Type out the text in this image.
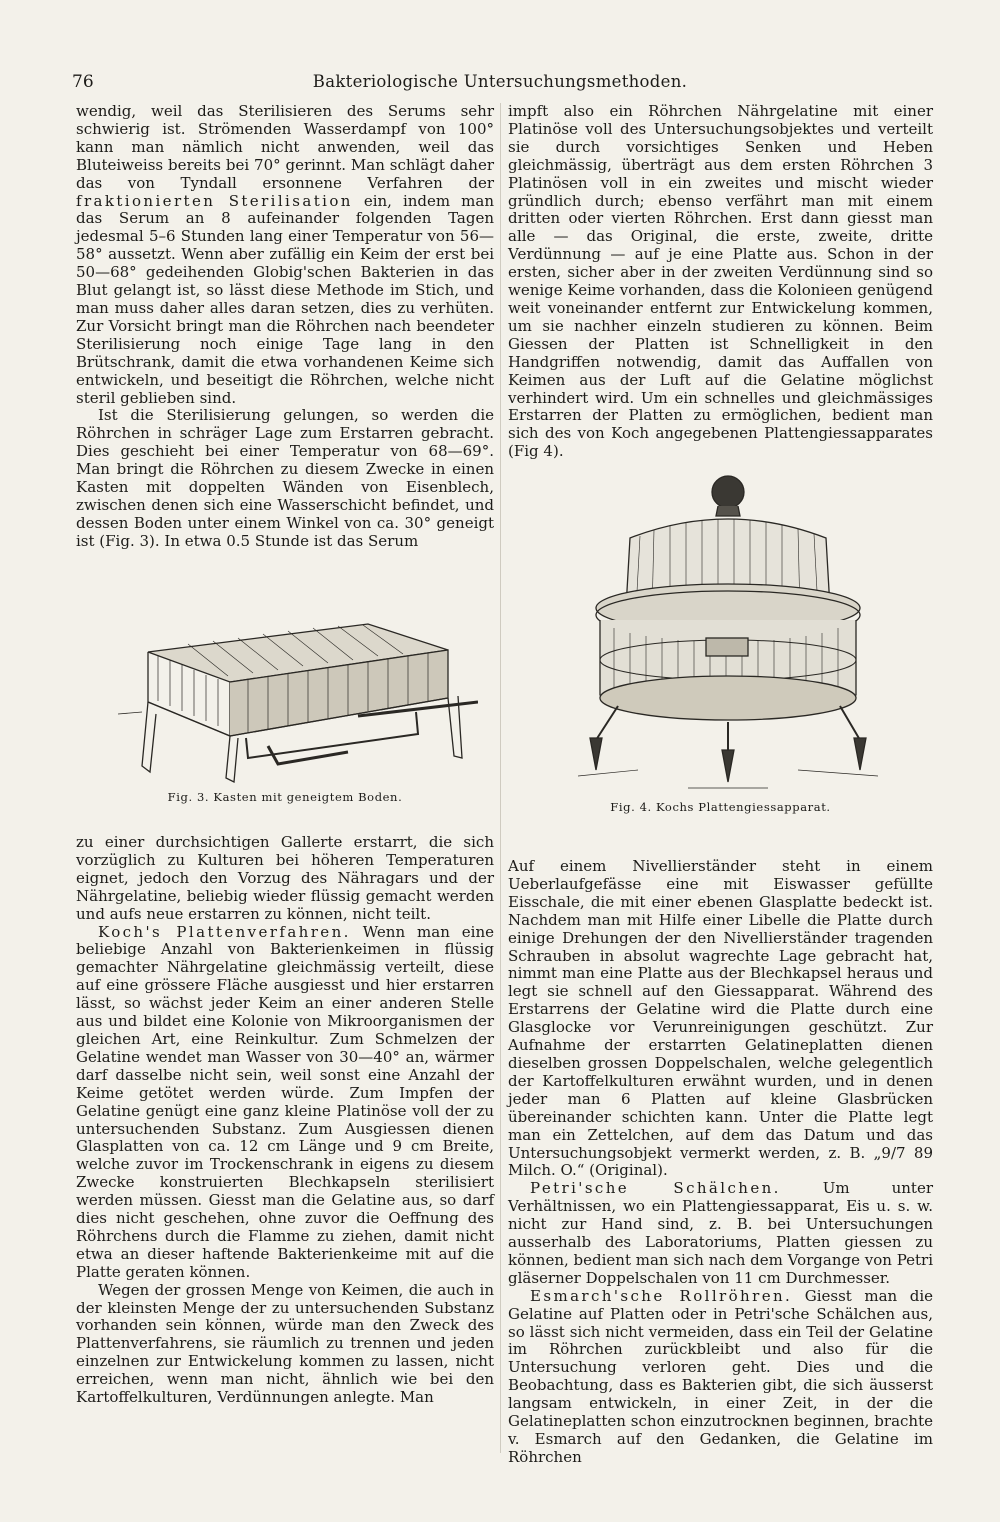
76	Bakteriologische Untersuchungsmethoden.

wendig, weil das Sterilisieren des Serums sehr schwierig ist. Strömenden Wasserdampf von 100° kann man nämlich nicht anwenden, weil das Bluteiweiss bereits bei 70° gerinnt. Man schlägt daher das von Tyndall ersonnene Verfahren der fraktionierten Sterilisation ein, indem man das Serum an 8 aufeinander folgenden Tagen jedesmal 5–6 Stunden lang einer Temperatur von 56—58° aussetzt. Wenn aber zufällig ein Keim der erst bei 50—68° gedeihenden Globig'schen Bakterien in das Blut gelangt ist, so lässt diese Methode im Stich, und man muss daher alles daran setzen, dies zu verhüten. Zur Vorsicht bringt man die Röhrchen nach beendeter Sterilisierung noch einige Tage lang in den Brütschrank, damit die etwa vorhandenen Keime sich entwickeln, und beseitigt die Röhrchen, welche nicht steril geblieben sind.

Ist die Sterilisierung gelungen, so werden die Röhrchen in schräger Lage zum Erstarren gebracht. Dies geschieht bei einer Temperatur von 68—69°. Man bringt die Röhrchen zu diesem Zwecke in einen Kasten mit doppelten Wänden von Eisenblech, zwischen denen sich eine Wasserschicht befindet, und dessen Boden unter einem Winkel von ca. 30° geneigt ist (Fig. 3). In etwa 0.5 Stunde ist das Serum

impft also ein Röhrchen Nährgelatine mit einer Platinöse voll des Untersuchungsobjektes und verteilt sie durch vorsichtiges Senken und Heben gleichmässig, überträgt aus dem ersten Röhrchen 3 Platinösen voll in ein zweites und mischt wieder gründlich durch; ebenso verfährt man mit einem dritten oder vierten Röhrchen. Erst dann giesst man alle — das Original, die erste, zweite, dritte Verdünnung — auf je eine Platte aus. Schon in der ersten, sicher aber in der zweiten Verdünnung sind so wenige Keime vorhanden, dass die Kolonieen genügend weit voneinander entfernt zur Entwickelung kommen, um sie nachher einzeln studieren zu können. Beim Giessen der Platten ist Schnelligkeit in den Handgriffen notwendig, damit das Auffallen von Keimen aus der Luft auf die Gelatine möglichst verhindert wird. Um ein schnelles und gleichmässiges Erstarren der Platten zu ermöglichen, bedient man sich des von Koch angegebenen Plattengiessapparates (Fig 4).

Fig. 3. Kasten mit geneigtem Boden.
Fig. 4. Kochs Plattengiessapparat.

zu einer durchsichtigen Gallerte erstarrt, die sich vorzüglich zu Kulturen bei höheren Temperaturen eignet, jedoch den Vorzug des Nähragars und der Nährgelatine, beliebig wieder flüssig gemacht werden und aufs neue erstarren zu können, nicht teilt.

Koch's Plattenverfahren. Wenn man eine beliebige Anzahl von Bakterienkeimen in flüssig gemachter Nährgelatine gleichmässig verteilt, diese auf eine grössere Fläche ausgiesst und hier erstarren lässt, so wächst jeder Keim an einer anderen Stelle aus und bildet eine Kolonie von Mikroorganismen der gleichen Art, eine Reinkultur. Zum Schmelzen der Gelatine wendet man Wasser von 30—40° an, wärmer darf dasselbe nicht sein, weil sonst eine Anzahl der Keime getötet werden würde. Zum Impfen der Gelatine genügt eine ganz kleine Platinöse voll der zu untersuchenden Substanz. Zum Ausgiessen dienen Glasplatten von ca. 12 cm Länge und 9 cm Breite, welche zuvor im Trockenschrank in eigens zu diesem Zwecke konstruierten Blechkapseln sterilisiert werden müssen. Giesst man die Gelatine aus, so darf dies nicht geschehen, ohne zuvor die Oeffnung des Röhrchens durch die Flamme zu ziehen, damit nicht etwa an dieser haftende Bakterienkeime mit auf die Platte geraten können.

Wegen der grossen Menge von Keimen, die auch in der kleinsten Menge der zu untersuchenden Substanz vorhanden sein können, würde man den Zweck des Plattenverfahrens, sie räumlich zu trennen und jeden einzelnen zur Entwickelung kommen zu lassen, nicht erreichen, wenn man nicht, ähnlich wie bei den Kartoffelkulturen, Verdünnungen anlegte. Man

Auf einem Nivellierständer steht in einem Ueberlaufgefässe eine mit Eiswasser gefüllte Eisschale, die mit einer ebenen Glasplatte bedeckt ist. Nachdem man mit Hilfe einer Libelle die Platte durch einige Drehungen der den Nivellierständer tragenden Schrauben in absolut wagrechte Lage gebracht hat, nimmt man eine Platte aus der Blechkapsel heraus und legt sie schnell auf den Giessapparat. Während des Erstarrens der Gelatine wird die Platte durch eine Glasglocke vor Verunreinigungen geschützt. Zur Aufnahme der erstarrten Gelatineplatten dienen dieselben grossen Doppelschalen, welche gelegentlich der Kartoffelkulturen erwähnt wurden, und in denen jeder man 6 Platten auf kleine Glasbrücken übereinander schichten kann. Unter die Platte legt man ein Zettelchen, auf dem das Datum und das Untersuchungsobjekt vermerkt werden, z. B. „9/7 89 Milch. O.“ (Original).

Petri'sche Schälchen. Um unter Verhältnissen, wo ein Plattengiessapparat, Eis u. s. w. nicht zur Hand sind, z. B. bei Untersuchungen ausserhalb des Laboratoriums, Platten giessen zu können, bedient man sich nach dem Vorgange von Petri gläserner Doppelschalen von 11 cm Durchmesser.

Esmarch'sche Rollröhren. Giesst man die Gelatine auf Platten oder in Petri'sche Schälchen aus, so lässt sich nicht vermeiden, dass ein Teil der Gelatine im Röhrchen zurückbleibt und also für die Untersuchung verloren geht. Dies und die Beobachtung, dass es Bakterien gibt, die sich äusserst langsam entwickeln, in einer Zeit, in der die Gelatineplatten schon einzutrocknen beginnen, brachte v. Esmarch auf den Gedanken, die Gelatine im Röhrchen
